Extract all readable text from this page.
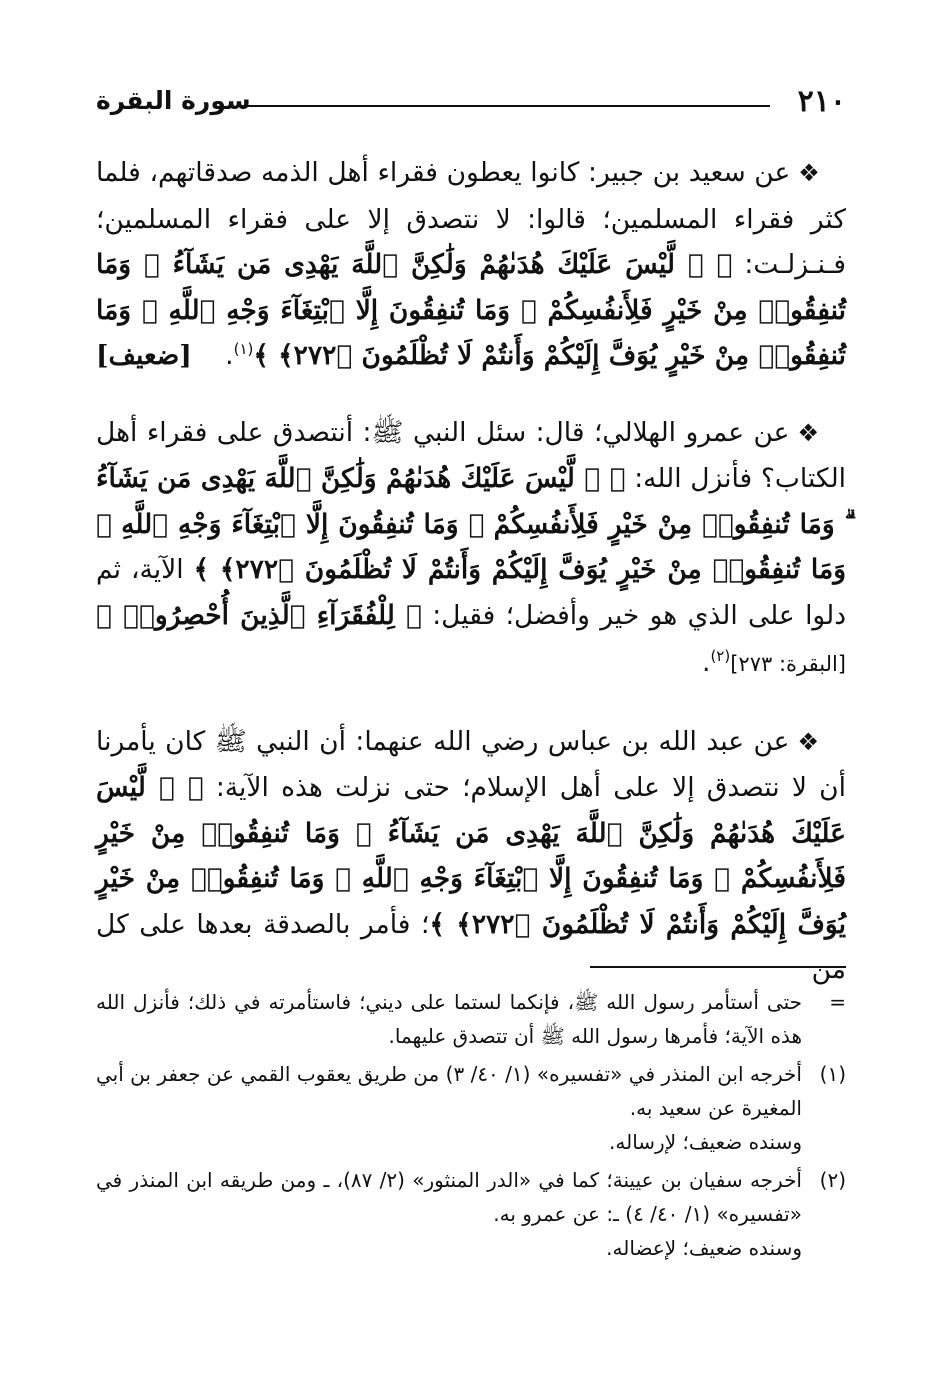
٢١٠
سورة البقرة

❖عن سعيد بن جبير: كانوا يعطون فقراء أهل الذمه صدقاتهم، فلما كثر فقراء المسلمين؛ قالوا: لا نتصدق إلا على فقراء المسلمين؛ فـنـزلـت: ﴿ ۞ لَّيْسَ عَلَيْكَ هُدَىٰهُمْ وَلَٰكِنَّ ٱللَّهَ يَهْدِى مَن يَشَآءُ ۗ وَمَا تُنفِقُوا۟ مِنْ خَيْرٍ فَلِأَنفُسِكُمْ ۚ وَمَا تُنفِقُونَ إِلَّا ٱبْتِغَآءَ وَجْهِ ٱللَّهِ ۚ وَمَا تُنفِقُوا۟ مِنْ خَيْرٍ يُوَفَّ إِلَيْكُمْ وَأَنتُمْ لَا تُظْلَمُونَ ﴿٢٧٢﴾ ﴾$^{(١)}$.
[ضعيف]

❖عن عمرو الهلالي؛ قال: سئل النبي ﷺ: أنتصدق على فقراء أهل الكتاب؟ فأنزل الله: ﴿ ۞ لَّيْسَ عَلَيْكَ هُدَىٰهُمْ وَلَٰكِنَّ ٱللَّهَ يَهْدِى مَن يَشَآءُ ۗ وَمَا تُنفِقُوا۟ مِنْ خَيْرٍ فَلِأَنفُسِكُمْ ۚ وَمَا تُنفِقُونَ إِلَّا ٱبْتِغَآءَ وَجْهِ ٱللَّهِ ۚ وَمَا تُنفِقُوا۟ مِنْ خَيْرٍ يُوَفَّ إِلَيْكُمْ وَأَنتُمْ لَا تُظْلَمُونَ ﴿٢٧٢﴾ ﴾ الآية، ثم دلوا على الذي هو خير وأفضل؛ فقيل: ﴿ لِلْفُقَرَآءِ ٱلَّذِينَ أُحْصِرُوا۟ ﴾ [البقرة: ٢٧٣]$^{(٢)}$.

❖عن عبد الله بن عباس رضي الله عنهما: أن النبي ﷺ كان يأمرنا أن لا نتصدق إلا على أهل الإسلام؛ حتى نزلت هذه الآية: ﴿ ۞ لَّيْسَ عَلَيْكَ هُدَىٰهُمْ وَلَٰكِنَّ ٱللَّهَ يَهْدِى مَن يَشَآءُ ۗ وَمَا تُنفِقُوا۟ مِنْ خَيْرٍ فَلِأَنفُسِكُمْ ۚ وَمَا تُنفِقُونَ إِلَّا ٱبْتِغَآءَ وَجْهِ ٱللَّهِ ۚ وَمَا تُنفِقُوا۟ مِنْ خَيْرٍ يُوَفَّ إِلَيْكُمْ وَأَنتُمْ لَا تُظْلَمُونَ ﴿٢٧٢﴾ ﴾؛ فأمر بالصدقة بعدها على كل من

=

حتى أستأمر رسول الله ﷺ، فإنكما لستما على ديني؛ فاستأمرته في ذلك؛ فأنزل الله هذه الآية؛ فأمرها رسول الله ﷺ أن تتصدق عليهما.

(١)

أخرجه ابن المنذر في «تفسيره» (١/ ٤٠/ ٣) من طريق يعقوب القمي عن جعفر بن أبي المغيرة عن سعيد به.

وسنده ضعيف؛ لإرساله.

(٢)

أخرجه سفيان بن عيينة؛ كما في «الدر المنثور» (٢/ ٨٧)، ـ ومن طريقه ابن المنذر في «تفسيره» (١/ ٤٠/ ٤) ـ: عن عمرو به.

وسنده ضعيف؛ لإعضاله.
